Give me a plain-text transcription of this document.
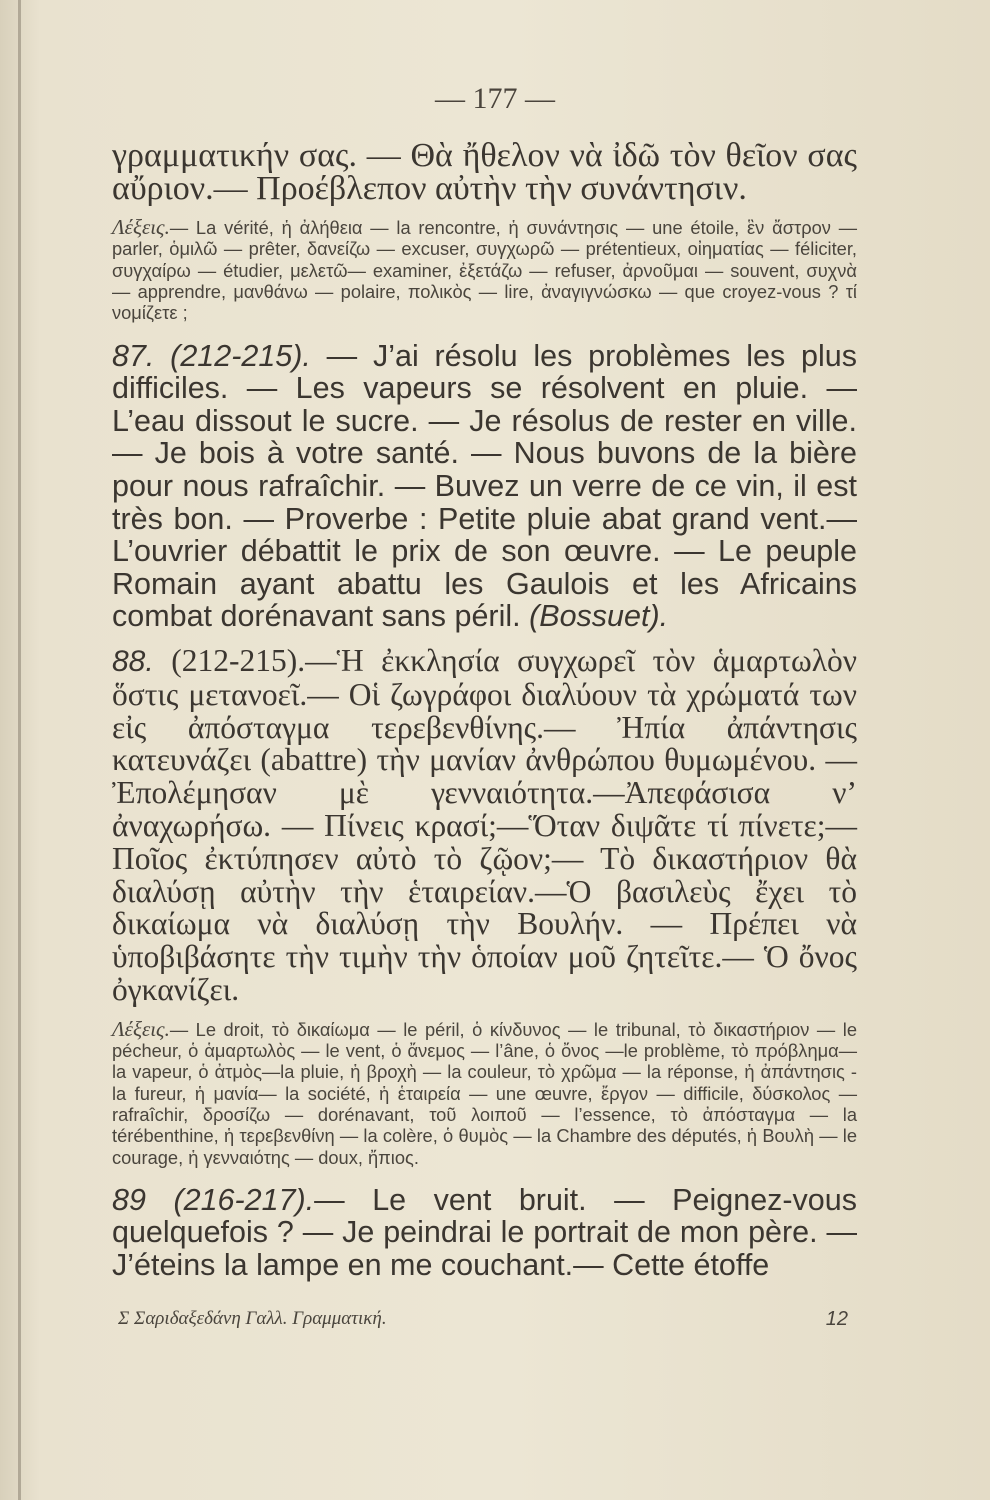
— 177 —

γραμματικήν σας. — Θὰ ἤθελον νὰ ἰδῶ τὸν θεῖον σας αὔριον.— Προέβλεπον αὐτὴν τὴν συνάντησιν.

Λέξεις.— La vérité, ἡ ἀλήθεια — la rencontre, ἡ συνάντησις — une étoile, ἓν ἄστρον — parler, ὁμιλῶ — prêter, δανείζω — excuser, συγχωρῶ — prétentieux, οἰηματίας — féliciter, συγχαίρω — étudier, μελετῶ— examiner, ἐξετάζω — refuser, ἀρνοῦμαι — souvent, συχνὰ — apprendre, μανθάνω — polaire, πολικὸς — lire, ἀναγιγνώσκω — que croyez-vous ? τί νομίζετε ;

87. (212-215). — J’ai résolu les problèmes les plus difficiles. — Les vapeurs se résolvent en pluie. — L’eau dissout le sucre. — Je résolus de rester en ville. — Je bois à votre santé. — Nous buvons de la bière pour nous rafraîchir. — Buvez un verre de ce vin, il est très bon. — Proverbe : Petite pluie abat grand vent.— L’ouvrier débattit le prix de son œuvre. — Le peuple Romain ayant abattu les Gaulois et les Africains combat dorénavant sans péril. (Bossuet).

88. (212-215).—Ἡ ἐκκλησία συγχωρεῖ τὸν ἁμαρτωλὸν ὅστις μετανοεῖ.— Οἱ ζωγράφοι διαλύουν τὰ χρώματά των εἰς ἀπόσταγμα τερεβενθίνης.— Ἠπία ἀπάντησις κατευνάζει (abattre) τὴν μανίαν ἀνθρώπου θυμωμένου. — Ἐπολέμησαν μὲ γενναιότητα.—Ἀπεφάσισα ν’ ἀναχωρήσω. — Πίνεις κρασί;—Ὅταν διψᾶτε τί πίνετε;— Ποῖος ἐκτύπησεν αὐτὸ τὸ ζῷον;— Τὸ δικαστήριον θὰ διαλύσῃ αὐτὴν τὴν ἑταιρείαν.—Ὁ βασιλεὺς ἔχει τὸ δικαίωμα νὰ διαλύσῃ τὴν Βουλήν. — Πρέπει νὰ ὑποβιβάσητε τὴν τιμὴν τὴν ὁποίαν μοῦ ζητεῖτε.— Ὁ ὄνος ὀγκανίζει.

Λέξεις.— Le droit, τὸ δικαίωμα — le péril, ὁ κίνδυνος — le tribunal, τὸ δικαστήριον — le pécheur, ὁ ἁμαρτωλὸς — le vent, ὁ ἄνεμος — l’âne, ὁ ὄνος —le problème, τὸ πρόβλημα—la vapeur, ὁ ἀτμὸς—la pluie, ἡ βροχὴ — la couleur, τὸ χρῶμα — la réponse, ἡ ἀπάντησις - la fureur, ἡ μανία— la société, ἡ ἑταιρεία — une œuvre, ἔργον — difficile, δύσκολος — rafraîchir, δροσίζω — dorénavant, τοῦ λοιποῦ — l’essence, τὸ ἀπόσταγμα — la térébenthine, ἡ τερεβενθίνη — la colère, ὁ θυμὸς — la Chambre des députés, ἡ Βουλὴ — le courage, ἡ γενναιότης — doux, ἤπιος.

89 (216-217).— Le vent bruit. — Peignez-vous quelquefois ? — Je peindrai le portrait de mon père. — J’éteins la lampe en me couchant.— Cette étoffe

Σ Σαριδαξεδάνη Γαλλ. Γραμματική.	12
